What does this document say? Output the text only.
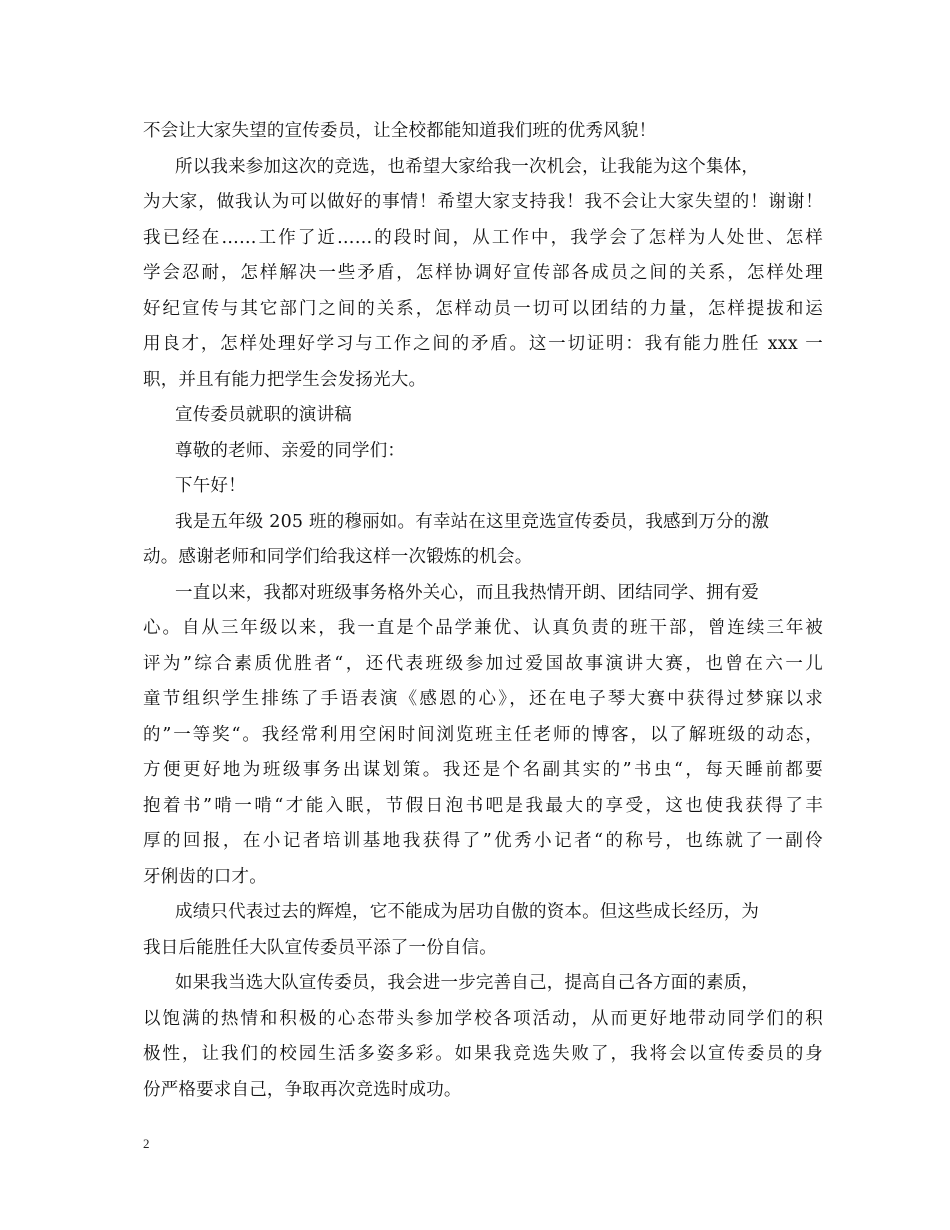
不会让大家失望的宣传委员，让全校都能知道我们班的优秀风貌！
所以我来参加这次的竞选，也希望大家给我一次机会，让我能为这个集体，
为大家，做我认为可以做好的事情！希望大家支持我！我不会让大家失望的！谢谢！
我已经在……工作了近……的段时间，从工作中，我学会了怎样为人处世、怎样
学会忍耐，怎样解决一些矛盾，怎样协调好宣传部各成员之间的关系，怎样处理
好纪宣传与其它部门之间的关系，怎样动员一切可以团结的力量，怎样提拔和运
用良才，怎样处理好学习与工作之间的矛盾。这一切证明：我有能力胜任 xxx 一
职，并且有能力把学生会发扬光大。
宣传委员就职的演讲稿
尊敬的老师、亲爱的同学们：
下午好！
我是五年级 205 班的穆丽如。有幸站在这里竞选宣传委员，我感到万分的激
动。感谢老师和同学们给我这样一次锻炼的机会。
一直以来，我都对班级事务格外关心，而且我热情开朗、团结同学、拥有爱
心。自从三年级以来，我一直是个品学兼优、认真负责的班干部，曾连续三年被
评为”综合素质优胜者“，还代表班级参加过爱国故事演讲大赛，也曾在六一儿
童节组织学生排练了手语表演《感恩的心》，还在电子琴大赛中获得过梦寐以求
的”一等奖“。我经常利用空闲时间浏览班主任老师的博客，以了解班级的动态，
方便更好地为班级事务出谋划策。我还是个名副其实的”书虫“，每天睡前都要
抱着书”啃一啃“才能入眠，节假日泡书吧是我最大的享受，这也使我获得了丰
厚的回报，在小记者培训基地我获得了”优秀小记者“的称号，也练就了一副伶
牙俐齿的口才。
成绩只代表过去的辉煌，它不能成为居功自傲的资本。但这些成长经历，为
我日后能胜任大队宣传委员平添了一份自信。
如果我当选大队宣传委员，我会进一步完善自己，提高自己各方面的素质，
以饱满的热情和积极的心态带头参加学校各项活动，从而更好地带动同学们的积
极性，让我们的校园生活多姿多彩。如果我竞选失败了，我将会以宣传委员的身
份严格要求自己，争取再次竞选时成功。
2
